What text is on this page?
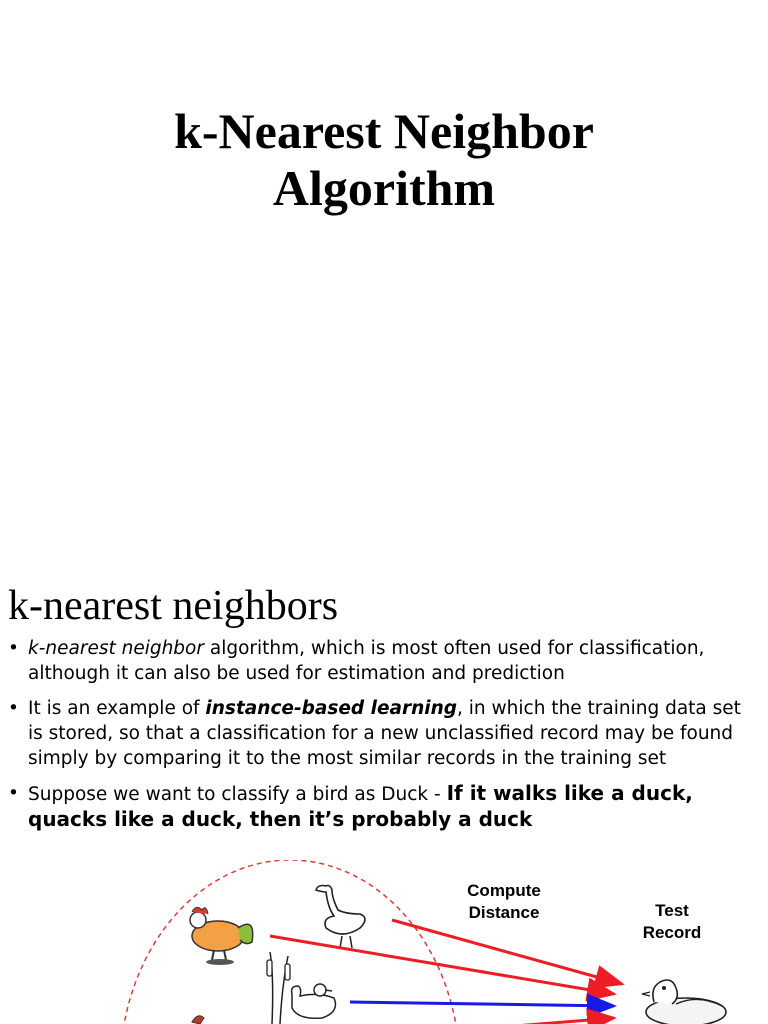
k-Nearest Neighbor
Algorithm
k-nearest neighbors
• k-nearest neighbor algorithm, which is most often used for classification, although it can also be used for estimation and prediction
• It is an example of instance-based learning, in which the training data set is stored, so that a classification for a new unclassified record may be found simply by comparing it to the most similar records in the training set
• Suppose we want to classify a bird as Duck - If it walks like a duck, quacks like a duck, then it’s probably a duck
Compute
Distance	Test
Record
